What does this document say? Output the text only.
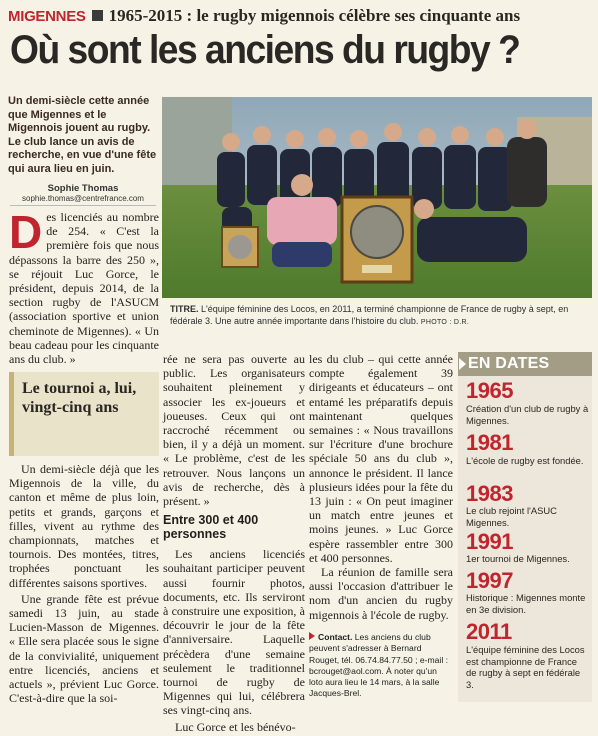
MIGENNES 1965-2015 : le rugby migennois célèbre ses cinquante ans
Où sont les anciens du rugby ?
Un demi-siècle cette année que Migennes et le Migennois jouent au rugby. Le club lance un avis de recherche, en vue d'une fête qui aura lieu en juin.
Sophie Thomas
sophie.thomas@centrefrance.com
TITRE. L'équipe féminine des Locos, en 2011, a terminé championne de France de rugby à sept, en fédérale 3. Une autre année importante dans l'histoire du club. PHOTO : D.R.
Des licenciés au nombre de 254. « C'est la première fois que nous dépassons la barre des 250 », se réjouit Luc Gorce, le président, depuis 2014, de la section rugby de l'ASUCM (association sportive et union cheminote de Migennes). « Un beau cadeau pour les cinquante ans du club. »
Le tournoi a, lui, vingt-cinq ans

Un demi-siècle déjà que les Migennois de la ville, du canton et même de plus loin, petits et grands, garçons et filles, vivent au rythme des championnats, matches et tournois. Des montées, titres, trophées ponctuant les différentes saisons sportives.

Une grande fête est prévue samedi 13 juin, au stade Lucien-Masson de Migennes. « Elle sera placée sous le signe de la convivialité, uniquement entre licenciés, anciens et actuels », prévient Luc Gorce. C'est-à-dire que la soi-

rée ne sera pas ouverte au public. Les organisateurs souhaitent pleinement y associer les ex-joueurs et joueuses. Ceux qui ont raccroché récemment ou bien, il y a déjà un moment. « Le problème, c'est de les retrouver. Nous lançons un avis de recherche, dès à présent. »

Entre 300 et 400 personnes

Les anciens licenciés souhaitant participer peuvent aussi fournir photos, documents, etc. Ils serviront à construire une exposition, à découvrir le jour de la fête d'anniversaire. Laquelle précèdera d'une semaine seulement le traditionnel tournoi de rugby de Migennes qui lui, célébrera ses vingt-cinq ans.

Luc Gorce et les bénévo-

les du club – qui cette année compte également 39 dirigeants et éducateurs – ont entamé les préparatifs depuis maintenant quelques semaines : « Nous travaillons sur l'écriture d'une brochure spéciale 50 ans du club », annonce le président. Il lance plusieurs idées pour la fête du 13 juin : « On peut imaginer un match entre jeunes et moins jeunes. » Luc Gorce espère rassembler entre 300 et 400 personnes.

La réunion de famille sera aussi l'occasion d'attribuer le nom d'un ancien du rugby migennois à l'école de rugby.

Contact. Les anciens du club peuvent s'adresser à Bernard Rouget, tél. 06.74.84.77.50 ; e-mail : bcrouget@aol.com. À noter qu'un loto aura lieu le 14 mars, à la salle Jacques-Brel.
EN DATES
1965
Création d'un club de rugby à Migennes.
1981
L'école de rugby est fondée.
1983
Le club rejoint l'ASUC Migennes.
1991
1er tournoi de Migennes.
1997
Historique : Migennes monte en 3e division.
2011
L'équipe féminine des Locos est championne de France de rugby à sept en fédérale 3.
